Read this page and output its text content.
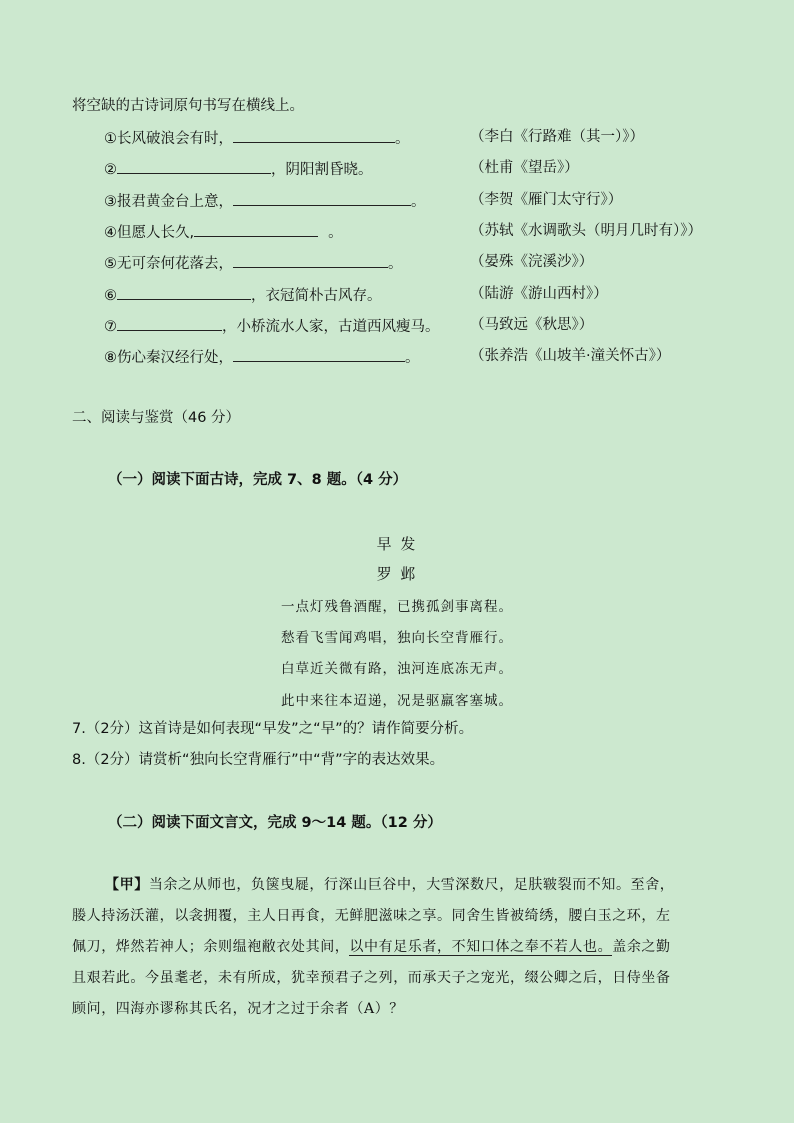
将空缺的古诗词原句书写在横线上。
①长风破浪会有时，	。	（李白《行路难（其一）》）
②	，阴阳割昏晓。	（杜甫《望岳》）
③报君黄金台上意，	。	（李贺《雁门太守行》）
④但愿人长久,	。	（苏轼《水调歌头（明月几时有）》）
⑤无可奈何花落去，	。	（晏殊《浣溪沙》）
⑥	，衣冠简朴古风存。	（陆游《游山西村》）
⑦	，小桥流水人家，古道西风瘦马。 （马致远《秋思》）
⑧伤心秦汉经行处，	。	（张养浩《山坡羊·潼关怀古》）
二、阅读与鉴赏（46 分）
（一）阅读下面古诗，完成 7、8 题。（4 分）
早 发
罗 邺
一点灯残鲁酒醒，已携孤剑事离程。
愁看飞雪闻鸡唱，独向长空背雁行。
白草近关微有路，浊河连底冻无声。
此中来往本迢递，况是驱羸客塞城。
7.（2分）这首诗是如何表现“早发”之“早”的？请作简要分析。
8.（2分）请赏析“独向长空背雁行”中“背”字的表达效果。
（二）阅读下面文言文，完成 9～14 题。（12 分）
【甲】当余之从师也，负箧曳屣，行深山巨谷中，大雪深数尺，足肤皲裂而不知。至舍，
媵人持汤沃灌，以衾拥覆，主人日再食，无鲜肥滋味之享。同舍生皆被绮绣，腰白玉之环，左
佩刀，烨然若神人；余则缊袍敝衣处其间，以中有足乐者，不知口体之奉不若人也。盖余之勤
且艰若此。今虽耄老，未有所成，犹幸预君子之列，而承天子之宠光，缀公卿之后，日侍坐备
顾问，四海亦谬称其氏名，况才之过于余者（A）？
